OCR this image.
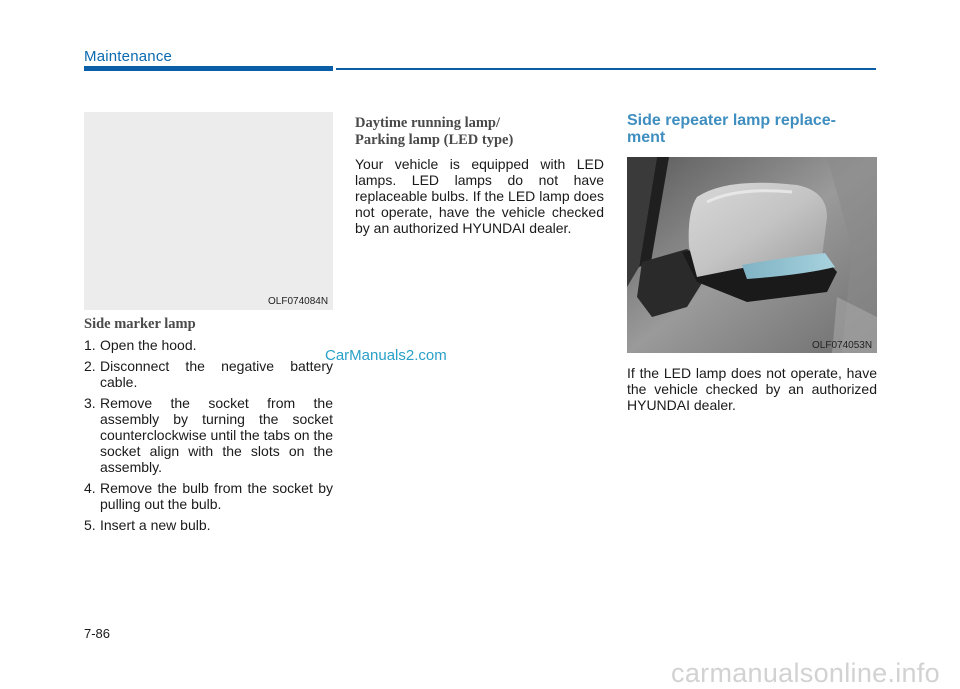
Maintenance
OLF074084N
Side marker lamp
1. Open the hood.
2. Disconnect the negative battery cable.
3. Remove the socket from the assembly by turning the socket counterclockwise until the tabs on the socket align with the slots on the assembly.
4. Remove the bulb from the socket by pulling out the bulb.
5. Insert a new bulb.
Daytime running lamp/
Parking lamp (LED type)
Your vehicle is equipped with LED lamps. LED lamps do not have replaceable bulbs. If the LED lamp does not operate, have the vehicle checked by an authorized HYUNDAI dealer.
Side repeater lamp replace-
ment
OLF074053N
If the LED lamp does not operate, have the vehicle checked by an authorized HYUNDAI dealer.
CarManuals2.com
7-86
carmanualsonline.info
